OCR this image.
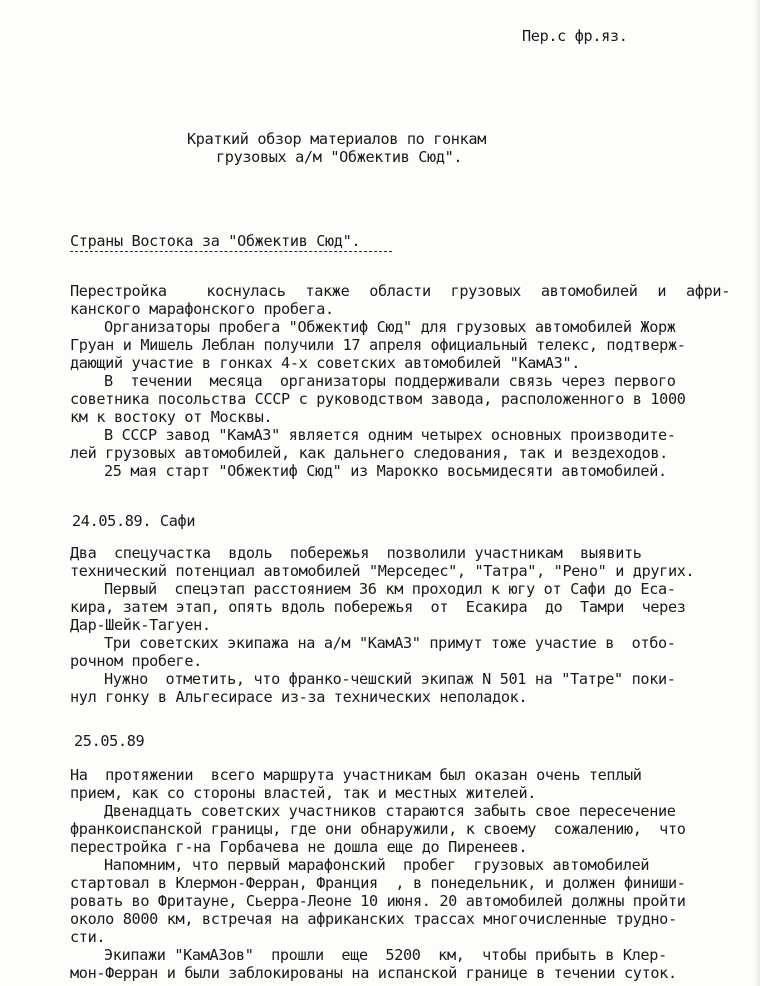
Пер.с фр.яз.
Краткий обзор материалов по гонкам
грузовых а/м "Обжектив Сюд".
Страны Востока за "Обжектив Сюд".
Перестройка  коснулась также области грузовых автомобилей и афри-
канского марафонского пробега.
Организаторы пробега "Обжектиф Сюд" для грузовых автомобилей Жорж
Груан и Мишель Леблан получили 17 апреля официальный телекс, подтверж-
дающий участие в гонках 4-х советских автомобилей "КамАЗ".
В  течении  месяца  организаторы поддерживали связь через первого
советника посольства СССР с руководством завода, расположенного в 1000
км к востоку от Москвы.
В СССР завод "КамАЗ" является одним четырех основных производите-
лей грузовых автомобилей, как дальнего следования, так и вездеходов.
25 мая старт "Обжектиф Сюд" из Марокко восьмидесяти автомобилей.
24.05.89. Сафи
Два  спецучастка  вдоль  побережья  позволили участникам  выявить
технический потенциал автомобилей "Мерседес", "Татра", "Рено" и других.
Первый  спецэтап расстоянием 36 км проходил к югу от Сафи до Еса-
кира, затем этап, опять вдоль побережья  от  Есакира  до  Тамри  через
Дар-Шейк-Тагуен.
Три советских экипажа на а/м "КамАЗ" примут тоже участие в  отбо-
рочном пробеге.
Нужно  отметить, что франко-чешский экипаж N 501 на "Татре" поки-
нул гонку в Альгесирасе из-за технических неполадок.
25.05.89
На  протяжении  всего маршрута участникам был оказан очень теплый
прием, как со стороны властей, так и местных жителей.
Двенадцать советских участников стараются забыть свое пересечение
франкоиспанской границы, где они обнаружили, к своему  сожалению,  что
перестройка г-на Горбачева не дошла еще до Пиренеев.
Напомним, что первый марафонский  пробег  грузовых автомобилей
стартовал в Клермон-Ферран, Франция  , в понедельник, и должен финиши-
ровать во Фритауне, Сьерра-Леоне 10 июня. 20 автомобилей должны пройти
около 8000 км, встречая на африканских трассах многочисленные трудно-
сти.
Экипажи "КамАЗов"  прошли  еще  5200  км,  чтобы прибыть в Клер-
мон-Ферран и были заблокированы на испанской границе в течении суток.
